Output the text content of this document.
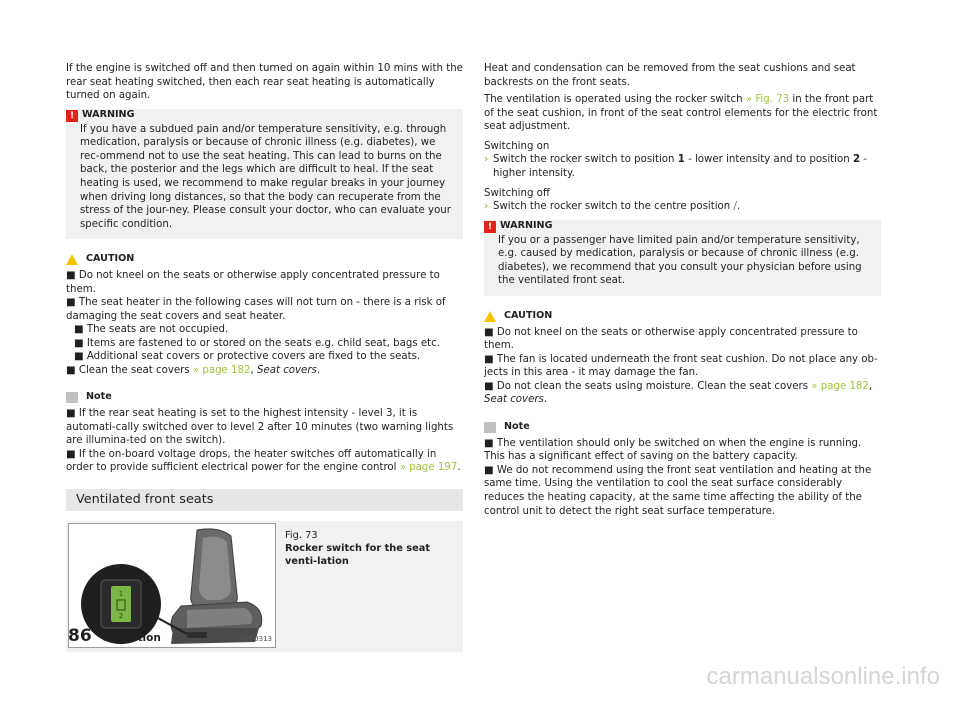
If the engine is switched off and then turned on again within 10 mins with the rear seat heating switched, then each rear seat heating is automatically turned on again.

! WARNING
If you have a subdued pain and/or temperature sensitivity, e.g. through medication, paralysis or because of chronic illness (e.g. diabetes), we rec-ommend not to use the seat heating. This can lead to burns on the back, the posterior and the legs which are difficult to heal. If the seat heating is used, we recommend to make regular breaks in your journey when driving long distances, so that the body can recuperate from the stress of the jour-ney. Please consult your doctor, who can evaluate your specific condition.
CAUTION
■ Do not kneel on the seats or otherwise apply concentrated pressure to them.
■ The seat heater in the following cases will not turn on - there is a risk of damaging the seat covers and seat heater.
■ The seats are not occupied.
■ Items are fastened to or stored on the seats e.g. child seat, bags etc.
■ Additional seat covers or protective covers are fixed to the seats.
■ Clean the seat covers » page 182, Seat covers.
Note
■ If the rear seat heating is set to the highest intensity - level 3, it is automati-cally switched over to level 2 after 10 minutes (two warning lights are illumina-ted on the switch).
■ If the on-board voltage drops, the heater switches off automatically in order to provide sufficient electrical power for the engine control » page 197.
Ventilated front seats
1
2
B3T-0313
Fig. 73
Rocker switch for the seat venti-lation

Heat and condensation can be removed from the seat cushions and seat backrests on the front seats.

The ventilation is operated using the rocker switch » Fig. 73 in the front part of the seat cushion, in front of the seat control elements for the electric front seat adjustment.

Switching on
› Switch the rocker switch to position 1 - lower intensity and to position 2 - higher intensity.
Switching off
› Switch the rocker switch to the centre position ⧸.
! WARNING
If you or a passenger have limited pain and/or temperature sensitivity, e.g. caused by medication, paralysis or because of chronic illness (e.g. diabetes), we recommend that you consult your physician before using the ventilated front seat.
CAUTION
■ Do not kneel on the seats or otherwise apply concentrated pressure to them.
■ The fan is located underneath the front seat cushion. Do not place any ob-jects in this area - it may damage the fan.
■ Do not clean the seats using moisture. Clean the seat covers » page 182, Seat covers.
Note
■ The ventilation should only be switched on when the engine is running. This has a significant effect of saving on the battery capacity.
■ We do not recommend using the front seat ventilation and heating at the same time. Using the ventilation to cool the seat surface considerably reduces the heating capacity, at the same time affecting the ability of the control unit to detect the right seat surface temperature.
86 Operation
carmanualsonline.info
